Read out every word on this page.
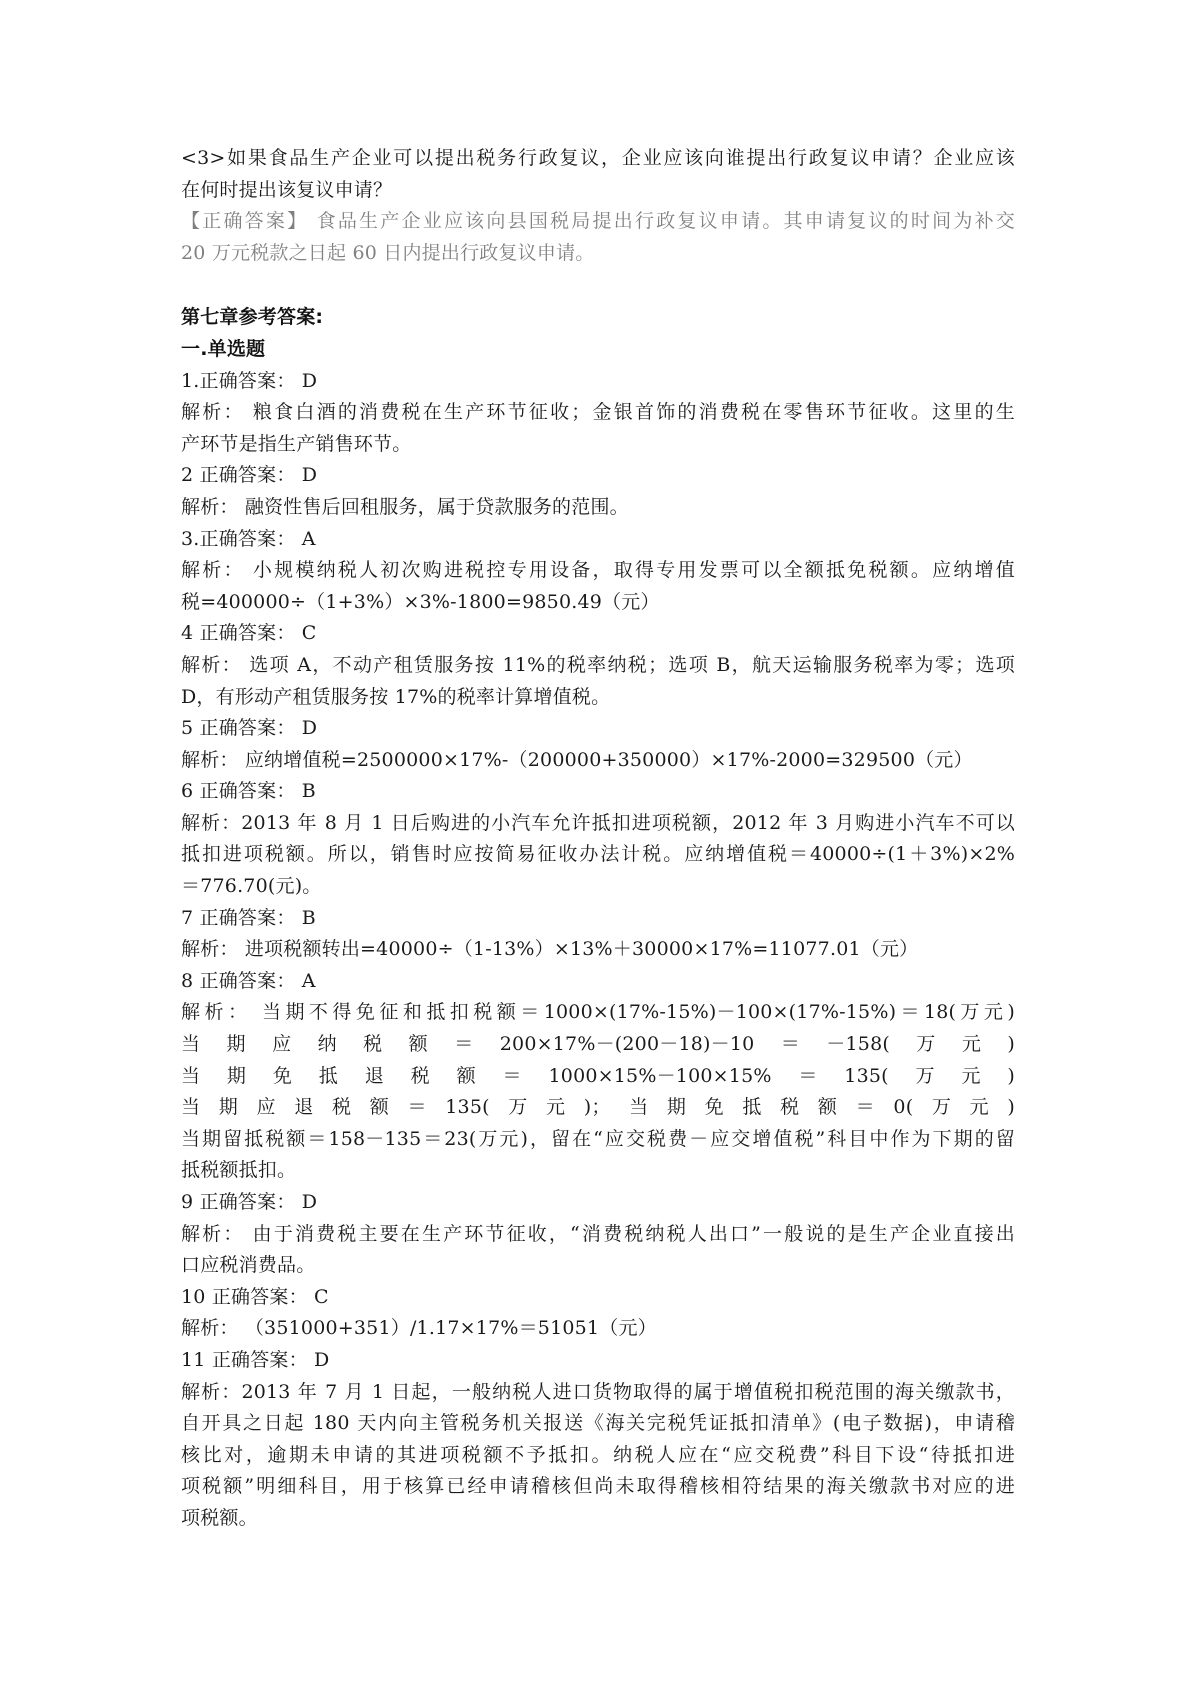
<3>如果食品生产企业可以提出税务行政复议，企业应该向谁提出行政复议申请？企业应该
在何时提出该复议申请？
【正确答案】 食品生产企业应该向县国税局提出行政复议申请。其申请复议的时间为补交
20 万元税款之日起 60 日内提出行政复议申请。
第七章参考答案:
一.单选题
1.正确答案： D
解析： 粮食白酒的消费税在生产环节征收；金银首饰的消费税在零售环节征收。这里的生
产环节是指生产销售环节。
2 正确答案： D
解析： 融资性售后回租服务，属于贷款服务的范围。
3.正确答案： A
解析： 小规模纳税人初次购进税控专用设备，取得专用发票可以全额抵免税额。应纳增值
税=400000÷（1+3%）×3%-1800=9850.49（元）
4 正确答案： C
解析： 选项 A，不动产租赁服务按 11%的税率纳税；选项 B，航天运输服务税率为零；选项
D，有形动产租赁服务按 17%的税率计算增值税。
5 正确答案： D
解析： 应纳增值税=2500000×17%-（200000+350000）×17%-2000=329500（元）
6 正确答案： B
解析：2013 年 8 月 1 日后购进的小汽车允许抵扣进项税额，2012 年 3 月购进小汽车不可以
抵扣进项税额。所以，销售时应按简易征收办法计税。应纳增值税＝40000÷(1＋3%)×2%
＝776.70(元)。
7 正确答案： B
解析： 进项税额转出=40000÷（1-13%）×13%＋30000×17%=11077.01（元）
8 正确答案： A
解析： 当期不得免征和抵扣税额＝1000×(17%-15%)－100×(17%-15%)＝18(万元)
当期应纳税额＝200×17%－(200－18)－10＝－158(万元)
当期免抵退税额＝1000×15%－100×15%＝135(万元)
当期应退税额＝135(万元)；当期免抵税额＝0(万元)
当期留抵税额＝158－135＝23(万元)，留在“应交税费－应交增值税”科目中作为下期的留
抵税额抵扣。
9 正确答案： D
解析： 由于消费税主要在生产环节征收，“消费税纳税人出口”一般说的是生产企业直接出
口应税消费品。
10 正确答案： C
解析： （351000+351）/1.17×17%＝51051（元）
11 正确答案： D
解析：2013 年 7 月 1 日起，一般纳税人进口货物取得的属于增值税扣税范围的海关缴款书，
自开具之日起 180 天内向主管税务机关报送《海关完税凭证抵扣清单》(电子数据)，申请稽
核比对，逾期未申请的其进项税额不予抵扣。纳税人应在“应交税费”科目下设“待抵扣进
项税额”明细科目，用于核算已经申请稽核但尚未取得稽核相符结果的海关缴款书对应的进
项税额。
